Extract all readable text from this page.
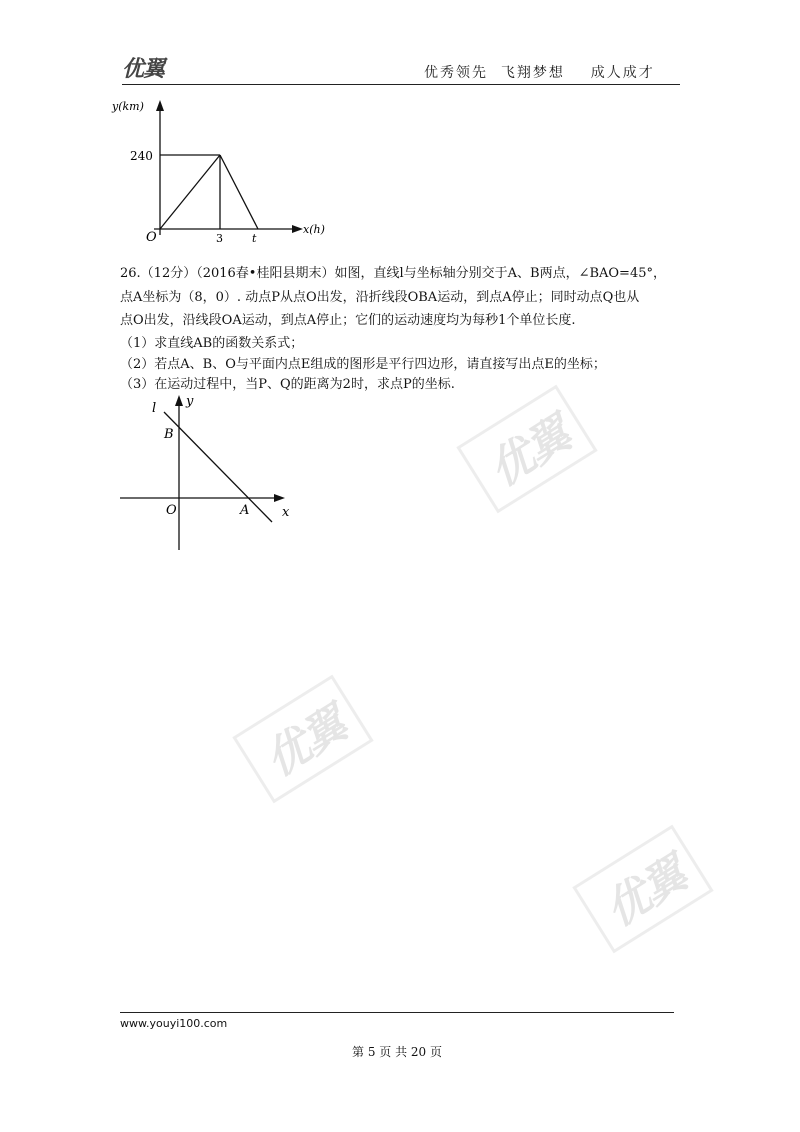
优翼	优秀领先  飞翔梦想    成人成才
y(km)
x(h)
O
240
3	t
26.（12分）（2016春•桂阳县期末）如图，直线l与坐标轴分别交于A、B两点，∠BAO=45°，
点A坐标为（8，0）. 动点P从点O出发，沿折线段OBA运动，到点A停止；同时动点Q也从
点O出发，沿线段OA运动，到点A停止；它们的运动速度均为每秒1个单位长度.
（1）求直线AB的函数关系式；
（2）若点A、B、O与平面内点E组成的图形是平行四边形，请直接写出点E的坐标；
（3）在运动过程中，当P、Q的距离为2时，求点P的坐标.
l y
x
B
A
O
优翼
优翼
优翼
www.youyi100.com
第 5 页 共 20 页
